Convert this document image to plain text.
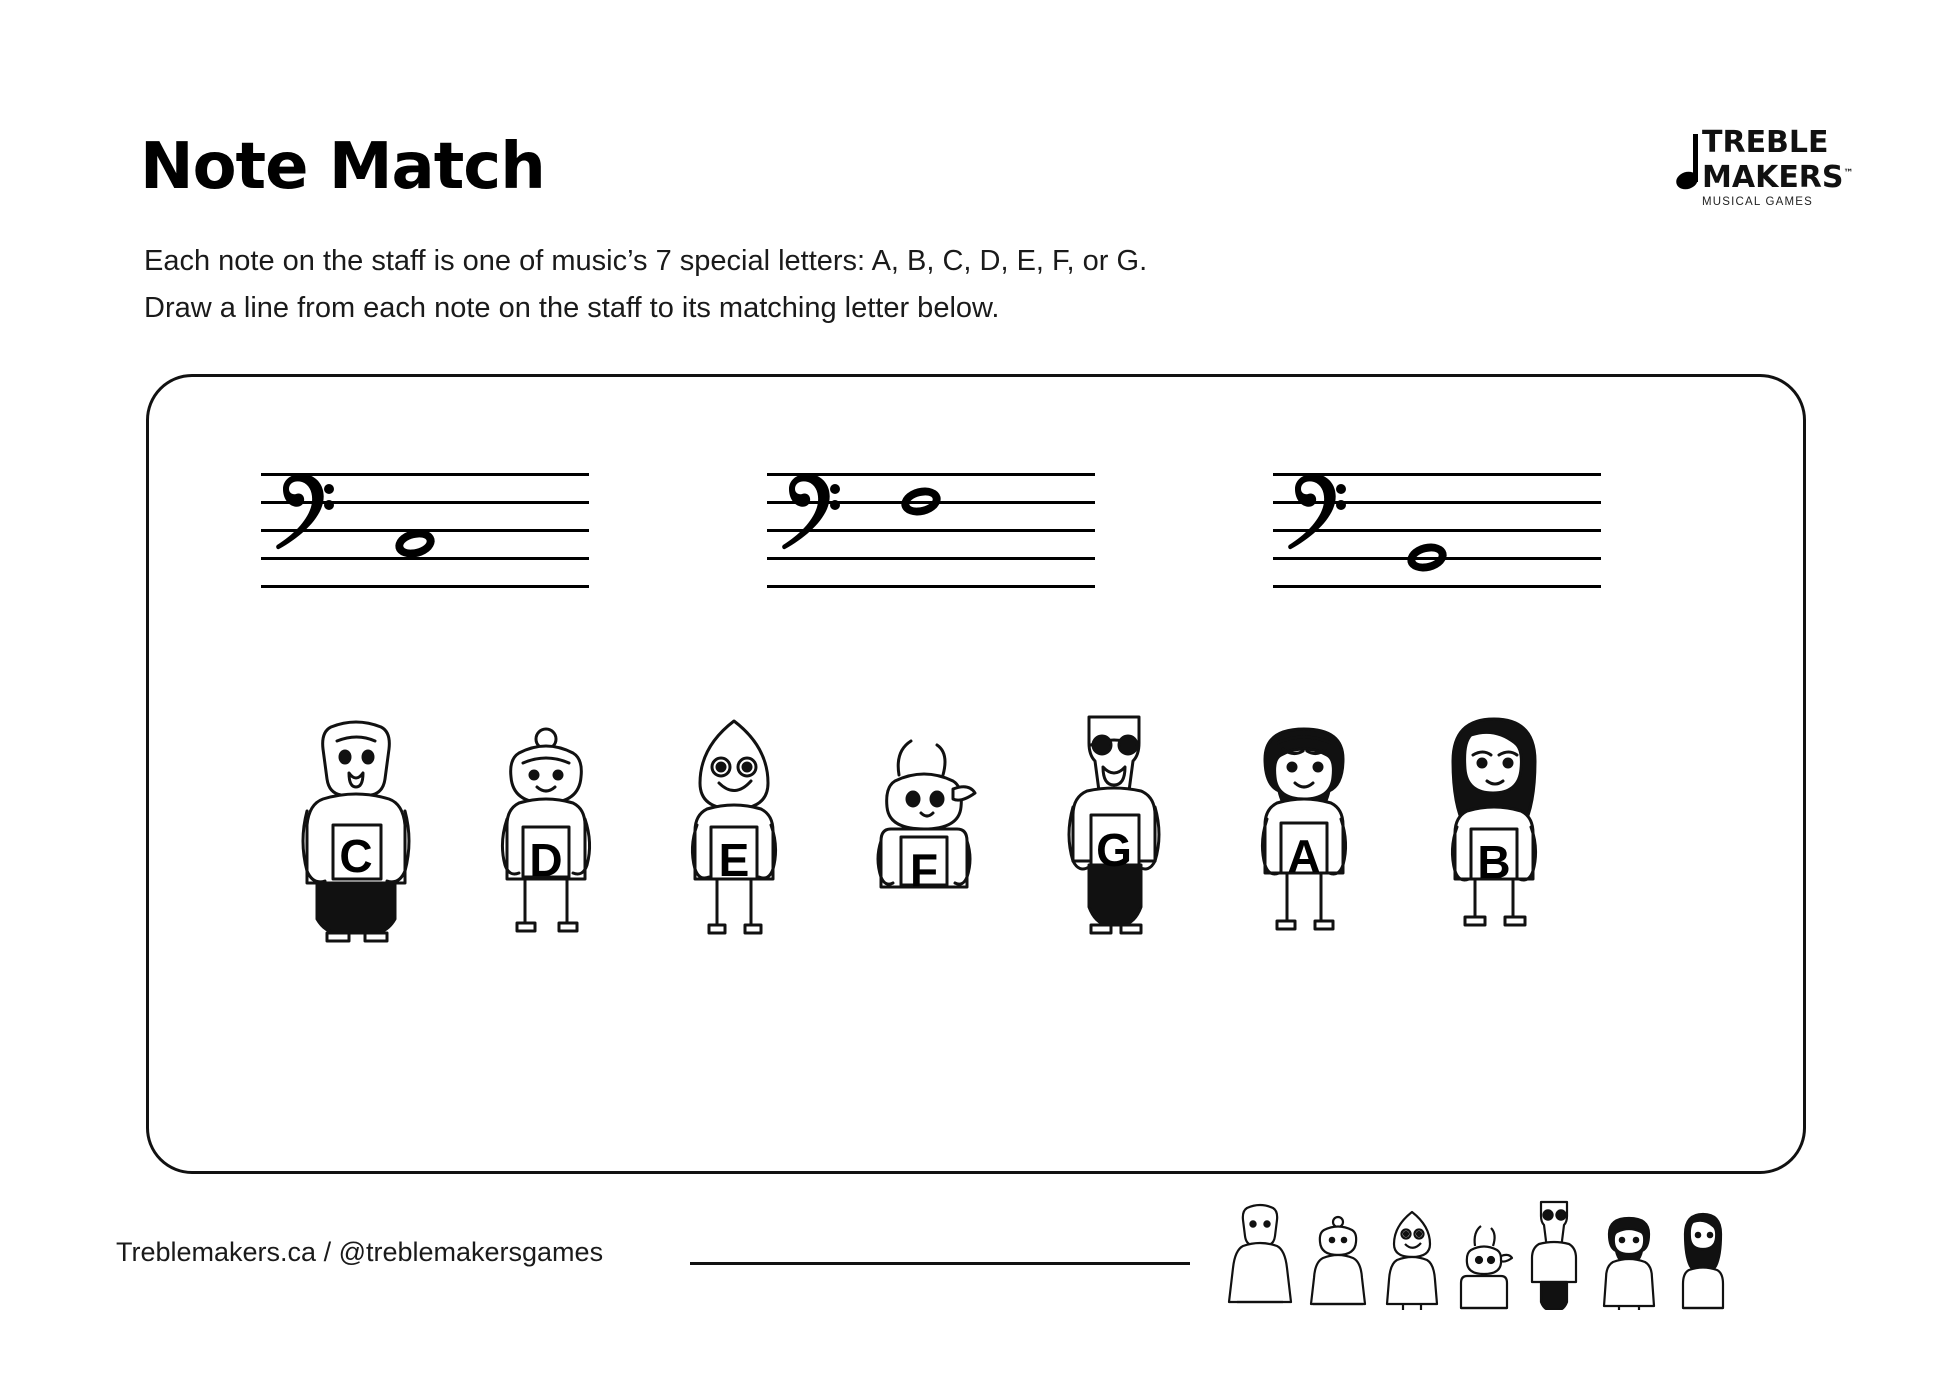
Note Match
Each note on the staff is one of music’s 7 special letters: A, B, C, D, E, F, or G.
Draw a line from each note on the staff to its matching letter below.
TREBLE
MAKERS™
MUSICAL GAMES
C	D	E	F	G	A	B
Treblemakers.ca / @treblemakersgames
